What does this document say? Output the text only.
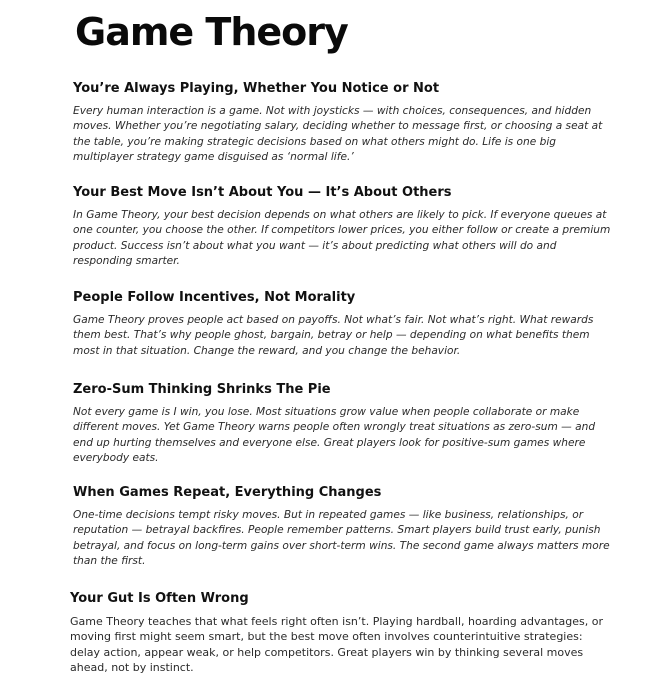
Game Theory
You’re Always Playing, Whether You Notice or Not

Every human interaction is a game. Not with joysticks — with choices, consequences, and hidden moves. Whether you’re negotiating salary, deciding whether to message first, or choosing a seat at the table, you’re making strategic decisions based on what others might do. Life is one big multiplayer strategy game disguised as ‘normal life.’

Your Best Move Isn’t About You — It’s About Others

In Game Theory, your best decision depends on what others are likely to pick. If everyone queues at one counter, you choose the other. If competitors lower prices, you either follow or create a premium product. Success isn’t about what you want — it’s about predicting what others will do and responding smarter.

People Follow Incentives, Not Morality

Game Theory proves people act based on payoffs. Not what’s fair. Not what’s right. What rewards them best. That’s why people ghost, bargain, betray or help — depending on what benefits them most in that situation. Change the reward, and you change the behavior.

Zero-Sum Thinking Shrinks The Pie

Not every game is I win, you lose. Most situations grow value when people collaborate or make different moves. Yet Game Theory warns people often wrongly treat situations as zero-sum — and end up hurting themselves and everyone else. Great players look for positive-sum games where everybody eats.

When Games Repeat, Everything Changes

One-time decisions tempt risky moves. But in repeated games — like business, relationships, or reputation — betrayal backfires. People remember patterns. Smart players build trust early, punish betrayal, and focus on long-term gains over short-term wins. The second game always matters more than the first.

Your Gut Is Often Wrong

Game Theory teaches that what feels right often isn’t. Playing hardball, hoarding advantages, or moving first might seem smart, but the best move often involves counterintuitive strategies: delay action, appear weak, or help competitors. Great players win by thinking several moves ahead, not by instinct.
